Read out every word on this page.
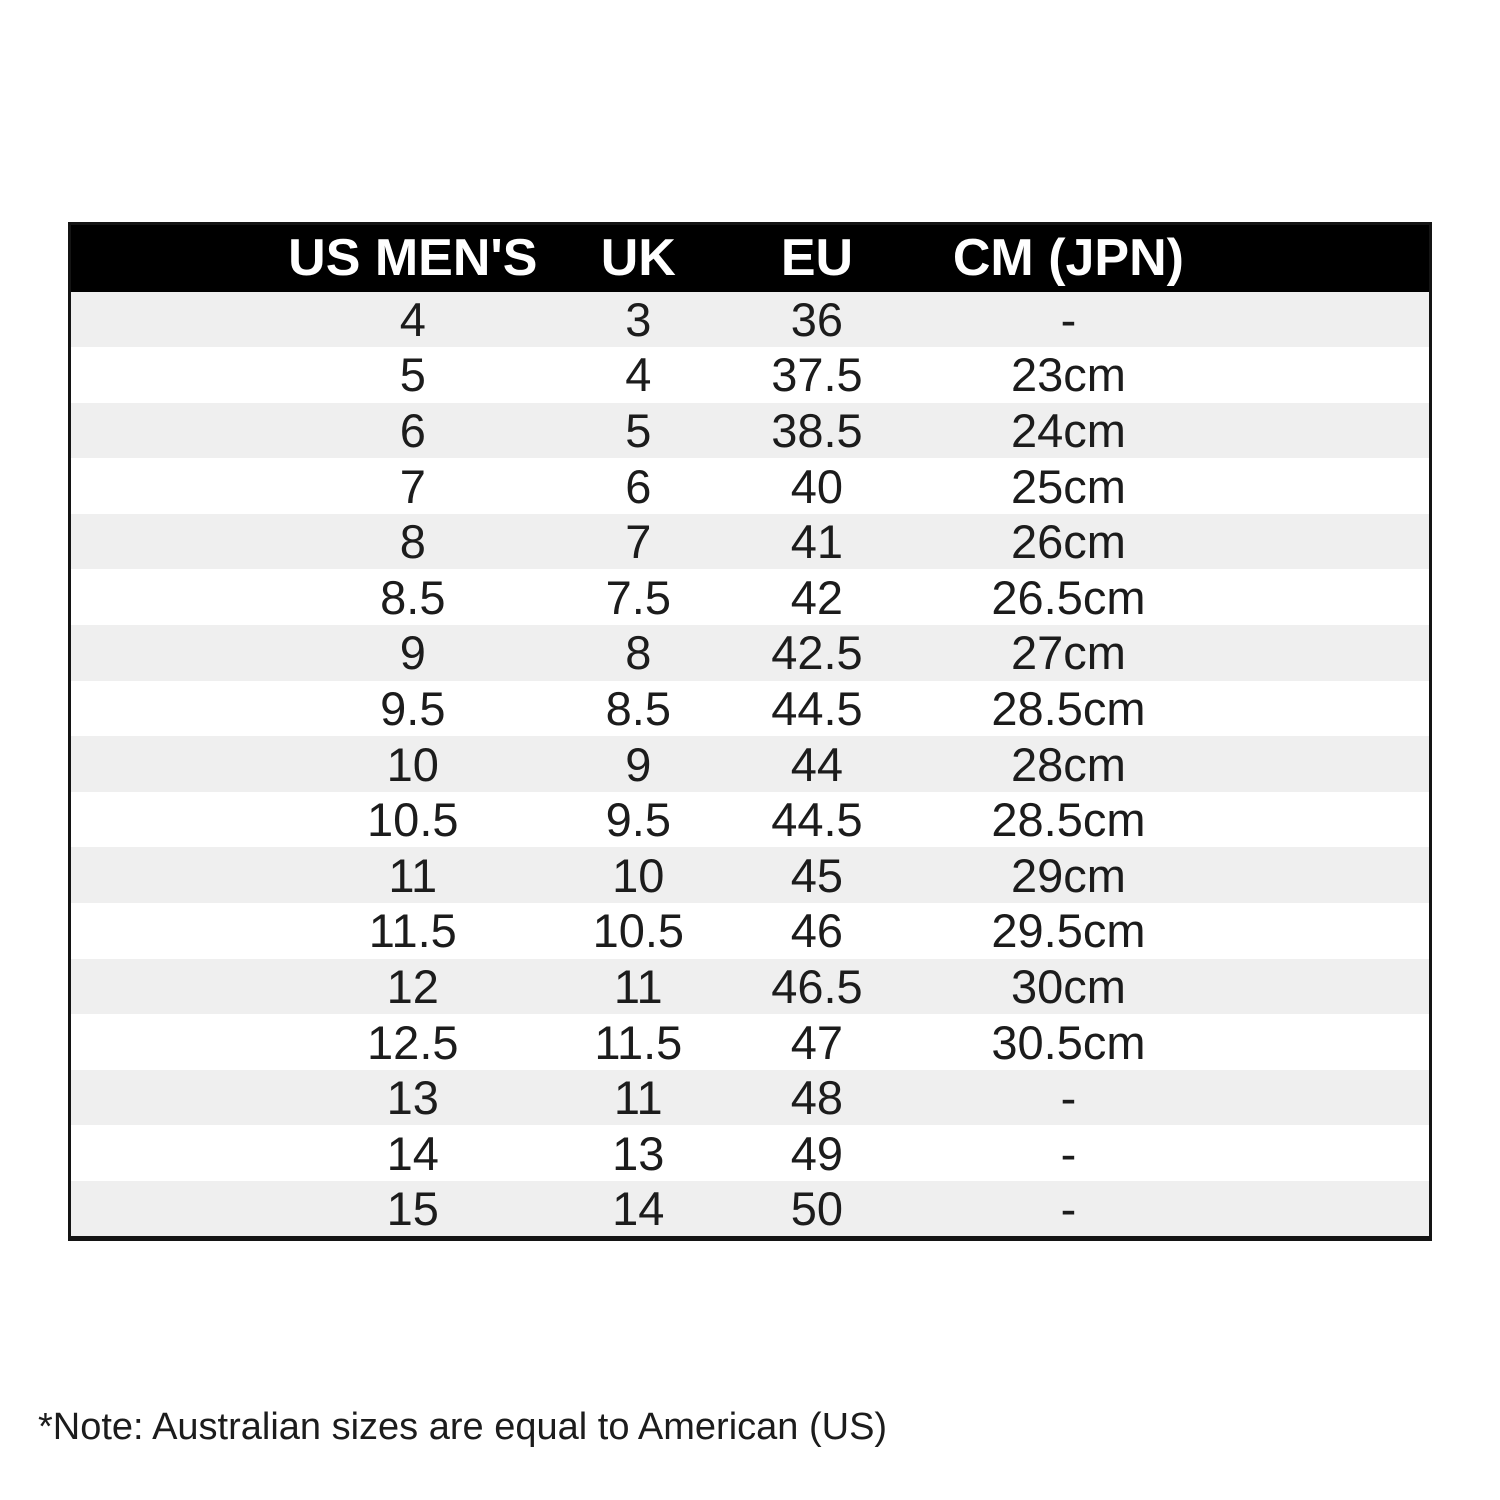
	US MEN'S	UK	EU	CM (JPN)	
	4	3	36	-	
	5	4	37.5	23cm	
	6	5	38.5	24cm	
	7	6	40	25cm	
	8	7	41	26cm	
	8.5	7.5	42	26.5cm	
	9	8	42.5	27cm	
	9.5	8.5	44.5	28.5cm	
	10	9	44	28cm	
	10.5	9.5	44.5	28.5cm	
	11	10	45	29cm	
	11.5	10.5	46	29.5cm	
	12	11	46.5	30cm	
	12.5	11.5	47	30.5cm	
	13	11	48	-	
	14	13	49	-	
	15	14	50	-	
*Note: Australian sizes are equal to American (US)
